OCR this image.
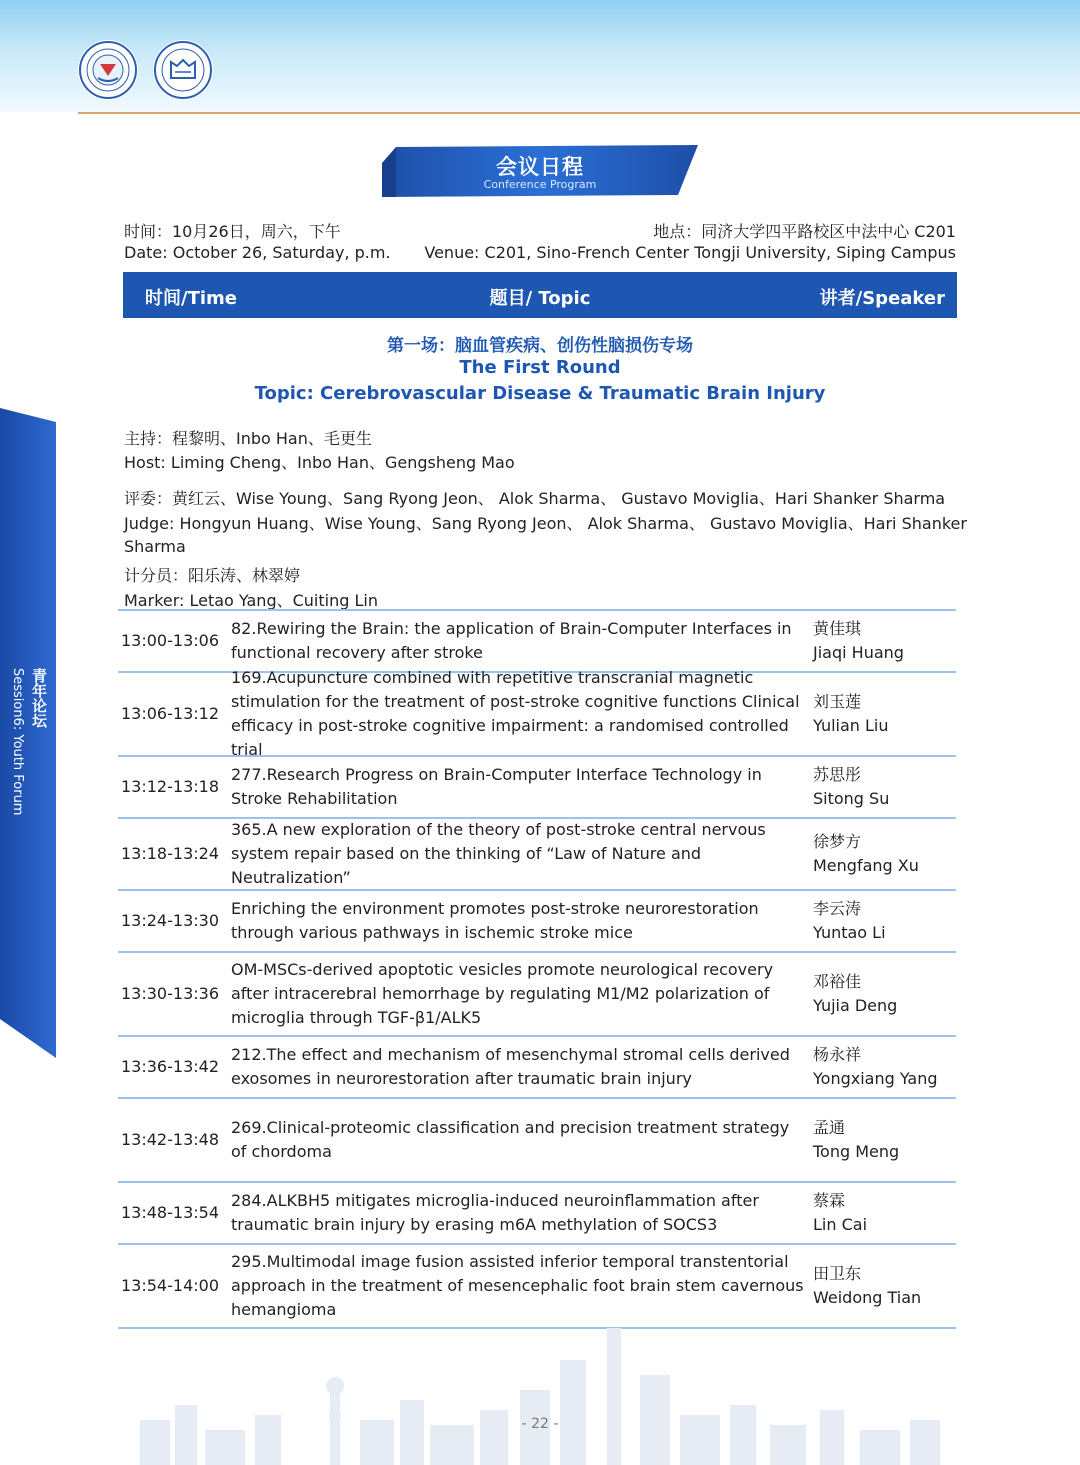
会议日程
Conference Program
时间：10月26日，周六，下午
Date: October 26, Saturday, p.m.
地点：同济大学四平路校区中法中心 C201
Venue: C201, Sino-French Center Tongji University, Siping Campus
时间/Time	题目/ Topic	讲者/Speaker
第一场：脑血管疾病、创伤性脑损伤专场
The First Round
Topic: Cerebrovascular Disease & Traumatic Brain Injury
主持：程黎明、Inbo Han、毛更生
Host: Liming Cheng、Inbo Han、Gengsheng Mao
评委：黄红云、Wise Young、Sang Ryong Jeon、 Alok Sharma、 Gustavo Moviglia、Hari Shanker Sharma
Judge: Hongyun Huang、Wise Young、Sang Ryong Jeon、 Alok Sharma、 Gustavo Moviglia、Hari Shanker
Sharma
计分员：阳乐涛、林翠婷
Marker: Letao Yang、Cuiting Lin
青年论坛
Session6: Youth Forum
13:00-13:06
82.Rewiring the Brain: the application of Brain-Computer Interfaces in functional recovery after stroke
黄佳琪
Jiaqi Huang
13:06-13:12
169.Acupuncture combined with repetitive transcranial magnetic stimulation for the treatment of post-stroke cognitive functions Clinical efficacy in post-stroke cognitive impairment: a randomised controlled trial
刘玉莲
Yulian Liu
13:12-13:18
277.Research Progress on Brain-Computer Interface Technology in Stroke Rehabilitation
苏思彤
Sitong Su
13:18-13:24
365.A new exploration of the theory of post-stroke central nervous system repair based on the thinking of “Law of Nature and Neutralization”
徐梦方
Mengfang Xu
13:24-13:30
Enriching the environment promotes post-stroke neurorestoration through various pathways in ischemic stroke mice
李云涛
Yuntao Li
13:30-13:36
OM-MSCs-derived apoptotic vesicles promote neurological recovery after intracerebral hemorrhage by regulating M1/M2 polarization of microglia through TGF-β1/ALK5
邓裕佳
Yujia Deng
13:36-13:42
212.The effect and mechanism of mesenchymal stromal cells derived exosomes in neurorestoration after traumatic brain injury
杨永祥
Yongxiang Yang
13:42-13:48
269.Clinical-proteomic classification and precision treatment strategy of chordoma
孟通
Tong Meng
13:48-13:54
284.ALKBH5 mitigates microglia-induced neuroinflammation after traumatic brain injury by erasing m6A methylation of SOCS3
蔡霖
Lin Cai
13:54-14:00
295.Multimodal image fusion assisted inferior temporal transtentorial approach in the treatment of mesencephalic foot brain stem cavernous hemangioma
田卫东
Weidong Tian
- 22 -
